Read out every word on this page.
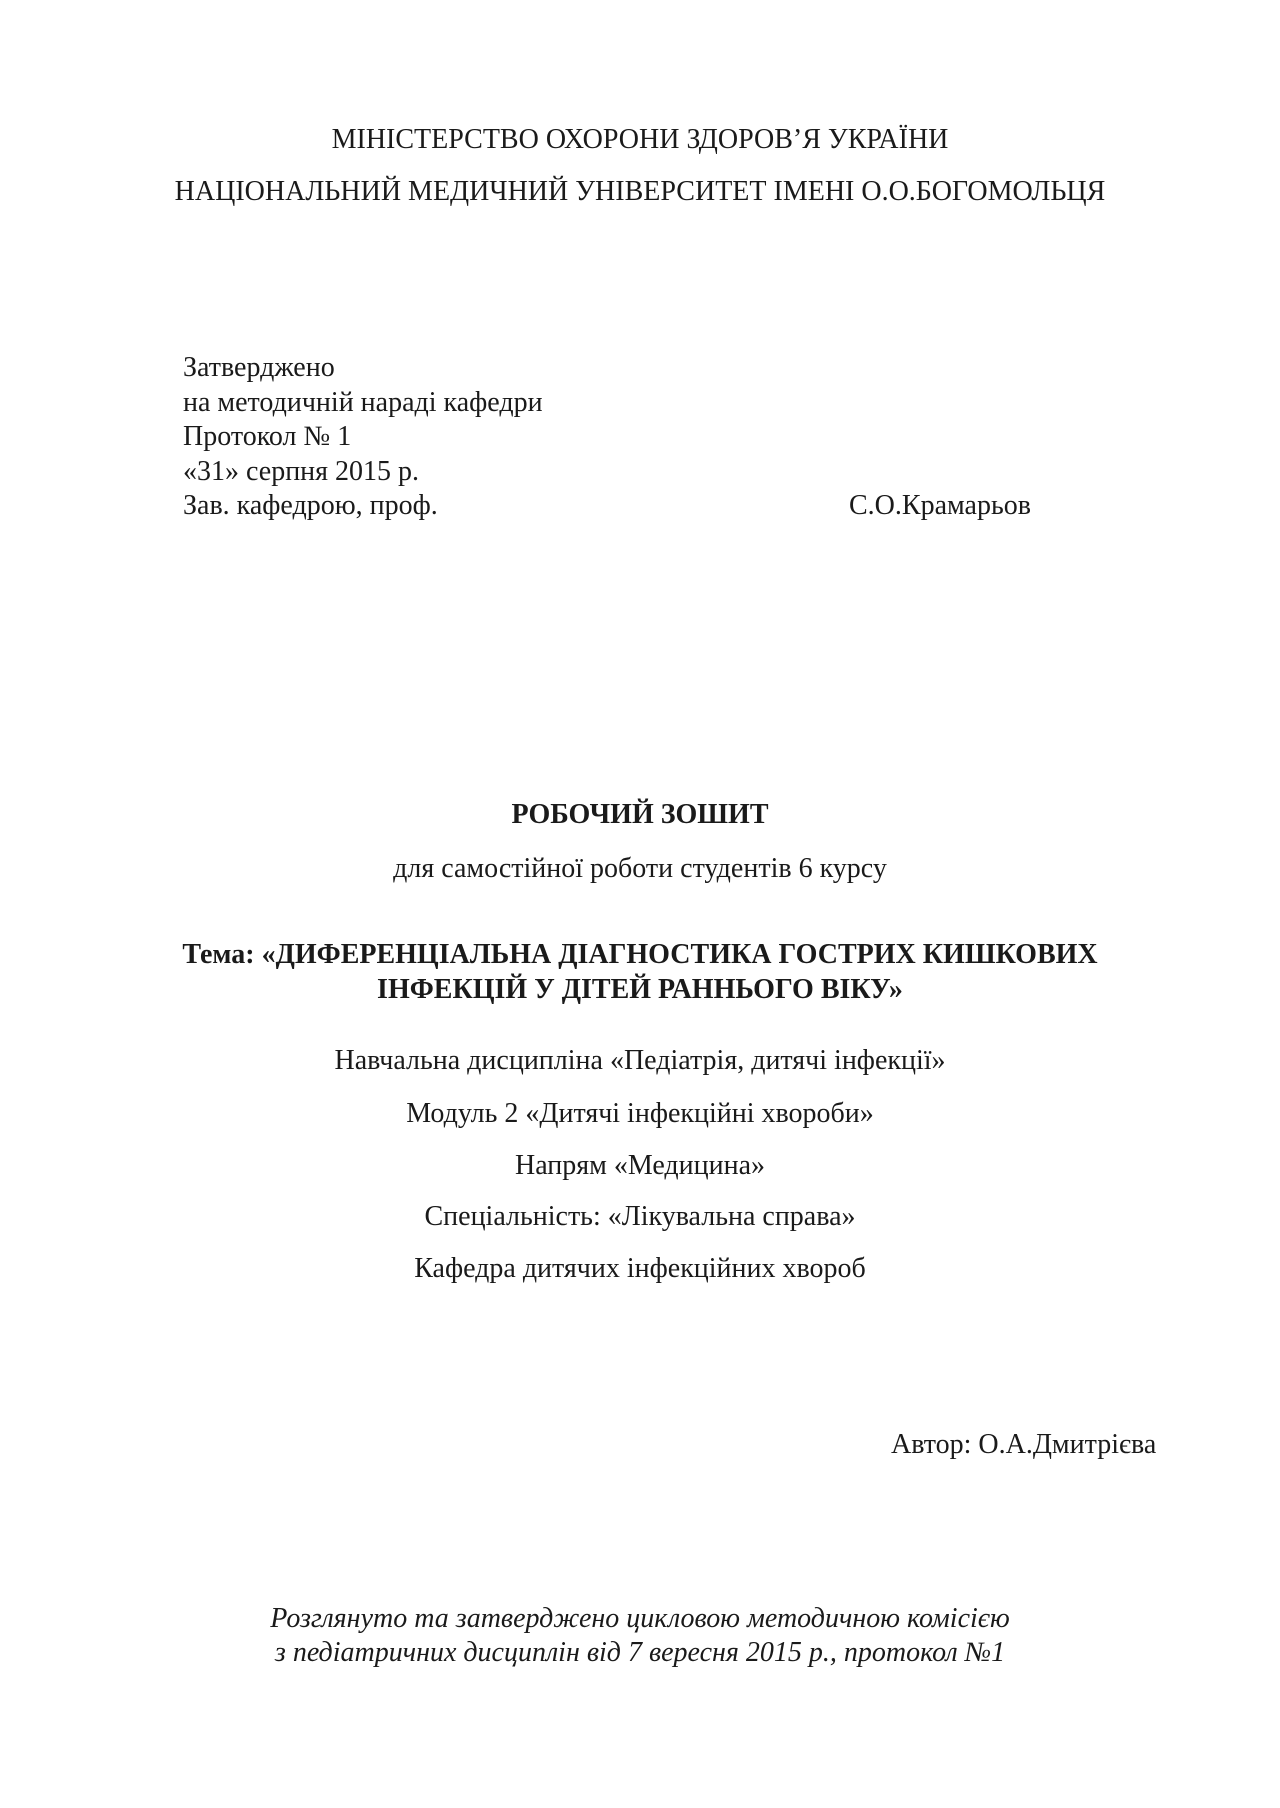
МІНІСТЕРСТВО ОХОРОНИ ЗДОРОВ’Я УКРАЇНИ
НАЦІОНАЛЬНИЙ МЕДИЧНИЙ УНІВЕРСИТЕТ ІМЕНІ О.О.БОГОМОЛЬЦЯ
Затверджено
на методичній нараді кафедри
Протокол № 1
«31» серпня 2015 р.
Зав. кафедрою, проф.	С.О.Крамарьов
РОБОЧИЙ ЗОШИТ
для самостійної роботи студентів 6 курсу
Тема: «ДИФЕРЕНЦІАЛЬНА ДІАГНОСТИКА ГОСТРИХ КИШКОВИХ
ІНФЕКЦІЙ У ДІТЕЙ РАННЬОГО ВІКУ»
Навчальна дисципліна «Педіатрія, дитячі інфекції»
Модуль 2 «Дитячі інфекційні хвороби»
Напрям «Медицина»
Спеціальність: «Лікувальна справа»
Кафедра дитячих інфекційних хвороб
Автор: О.А.Дмитрієва
Розглянуто та затверджено цикловою методичною комісією
з педіатричних дисциплін від 7 вересня 2015 р., протокол №1
